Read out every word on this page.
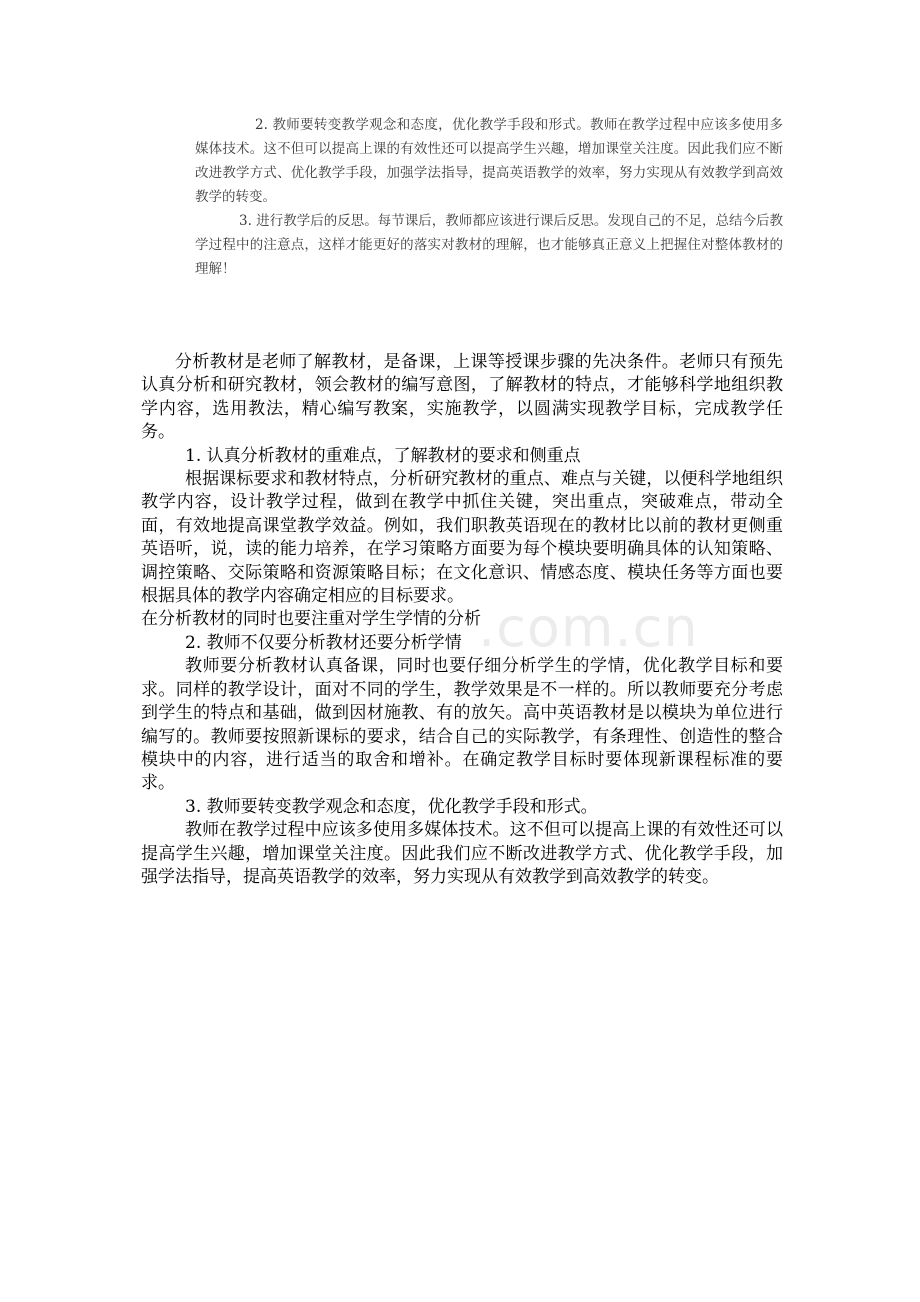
2. 教师要转变教学观念和态度，优化教学手段和形式。教师在教学过程中应该多使用多媒体技术。这不但可以提高上课的有效性还可以提高学生兴趣，增加课堂关注度。因此我们应不断改进教学方式、优化教学手段，加强学法指导，提高英语教学的效率，努力实现从有效教学到高效教学的转变。

3. 进行教学后的反思。每节课后，教师都应该进行课后反思。发现自己的不足，总结今后教学过程中的注意点，这样才能更好的落实对教材的理解，也才能够真正意义上把握住对整体教材的理解！

.com.cn

分析教材是老师了解教材，是备课，上课等授课步骤的先决条件。老师只有预先认真分析和研究教材，领会教材的编写意图，了解教材的特点，才能够科学地组织教学内容，选用教法，精心编写教案，实施教学，以圆满实现教学目标，完成教学任务。

1. 认真分析教材的重难点，了解教材的要求和侧重点

根据课标要求和教材特点，分析研究教材的重点、难点与关键，以便科学地组织教学内容，设计教学过程，做到在教学中抓住关键，突出重点，突破难点，带动全面，有效地提高课堂教学效益。例如，我们职教英语现在的教材比以前的教材更侧重英语听，说，读的能力培养，在学习策略方面要为每个模块要明确具体的认知策略、调控策略、交际策略和资源策略目标；在文化意识、情感态度、模块任务等方面也要根据具体的教学内容确定相应的目标要求。

在分析教材的同时也要注重对学生学情的分析

2. 教师不仅要分析教材还要分析学情

教师要分析教材认真备课，同时也要仔细分析学生的学情，优化教学目标和要求。同样的教学设计，面对不同的学生，教学效果是不一样的。所以教师要充分考虑到学生的特点和基础，做到因材施教、有的放矢。高中英语教材是以模块为单位进行编写的。教师要按照新课标的要求，结合自己的实际教学，有条理性、创造性的整合模块中的内容，进行适当的取舍和增补。在确定教学目标时要体现新课程标准的要求。

3. 教师要转变教学观念和态度，优化教学手段和形式。

教师在教学过程中应该多使用多媒体技术。这不但可以提高上课的有效性还可以提高学生兴趣，增加课堂关注度。因此我们应不断改进教学方式、优化教学手段，加强学法指导，提高英语教学的效率，努力实现从有效教学到高效教学的转变。
